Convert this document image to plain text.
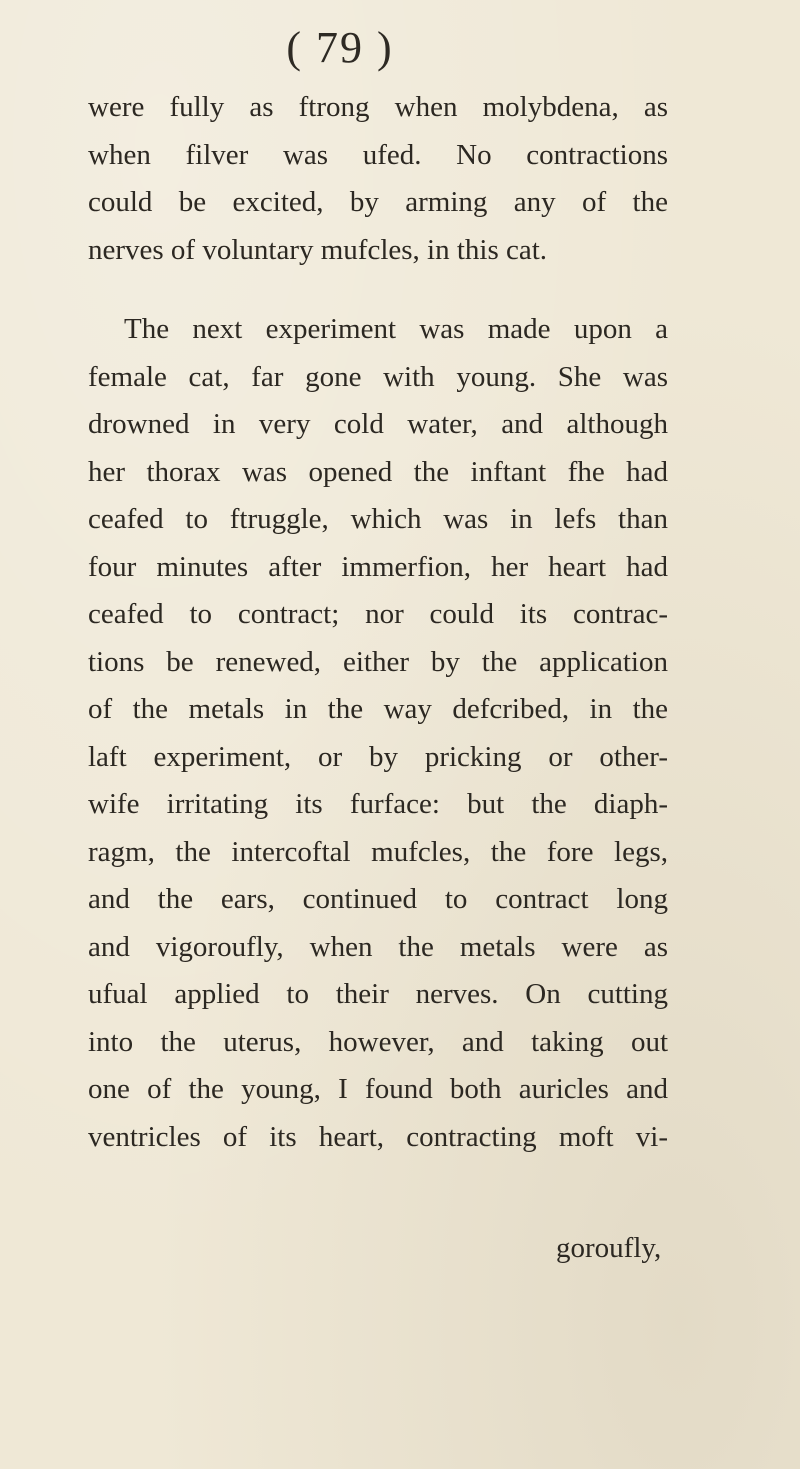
( 79 )
were fully as ftrong when molybdena, as
when filver was ufed. No contractions
could be excited, by arming any of the
nerves of voluntary mufcles, in this cat.
The next experiment was made upon a
female cat, far gone with young. She was
drowned in very cold water, and although
her thorax was opened the inftant fhe had
ceafed to ftruggle, which was in lefs than
four minutes after immerfion, her heart had
ceafed to contract; nor could its contrac-
tions be renewed, either by the application
of the metals in the way defcribed, in the
laft experiment, or by pricking or other-
wife irritating its furface: but the diaph-
ragm, the intercoftal mufcles, the fore legs,
and the ears, continued to contract long
and vigoroufly, when the metals were as
ufual applied to their nerves. On cutting
into the uterus, however, and taking out
one of the young, I found both auricles and
ventricles of its heart, contracting moft vi-
goroufly,
